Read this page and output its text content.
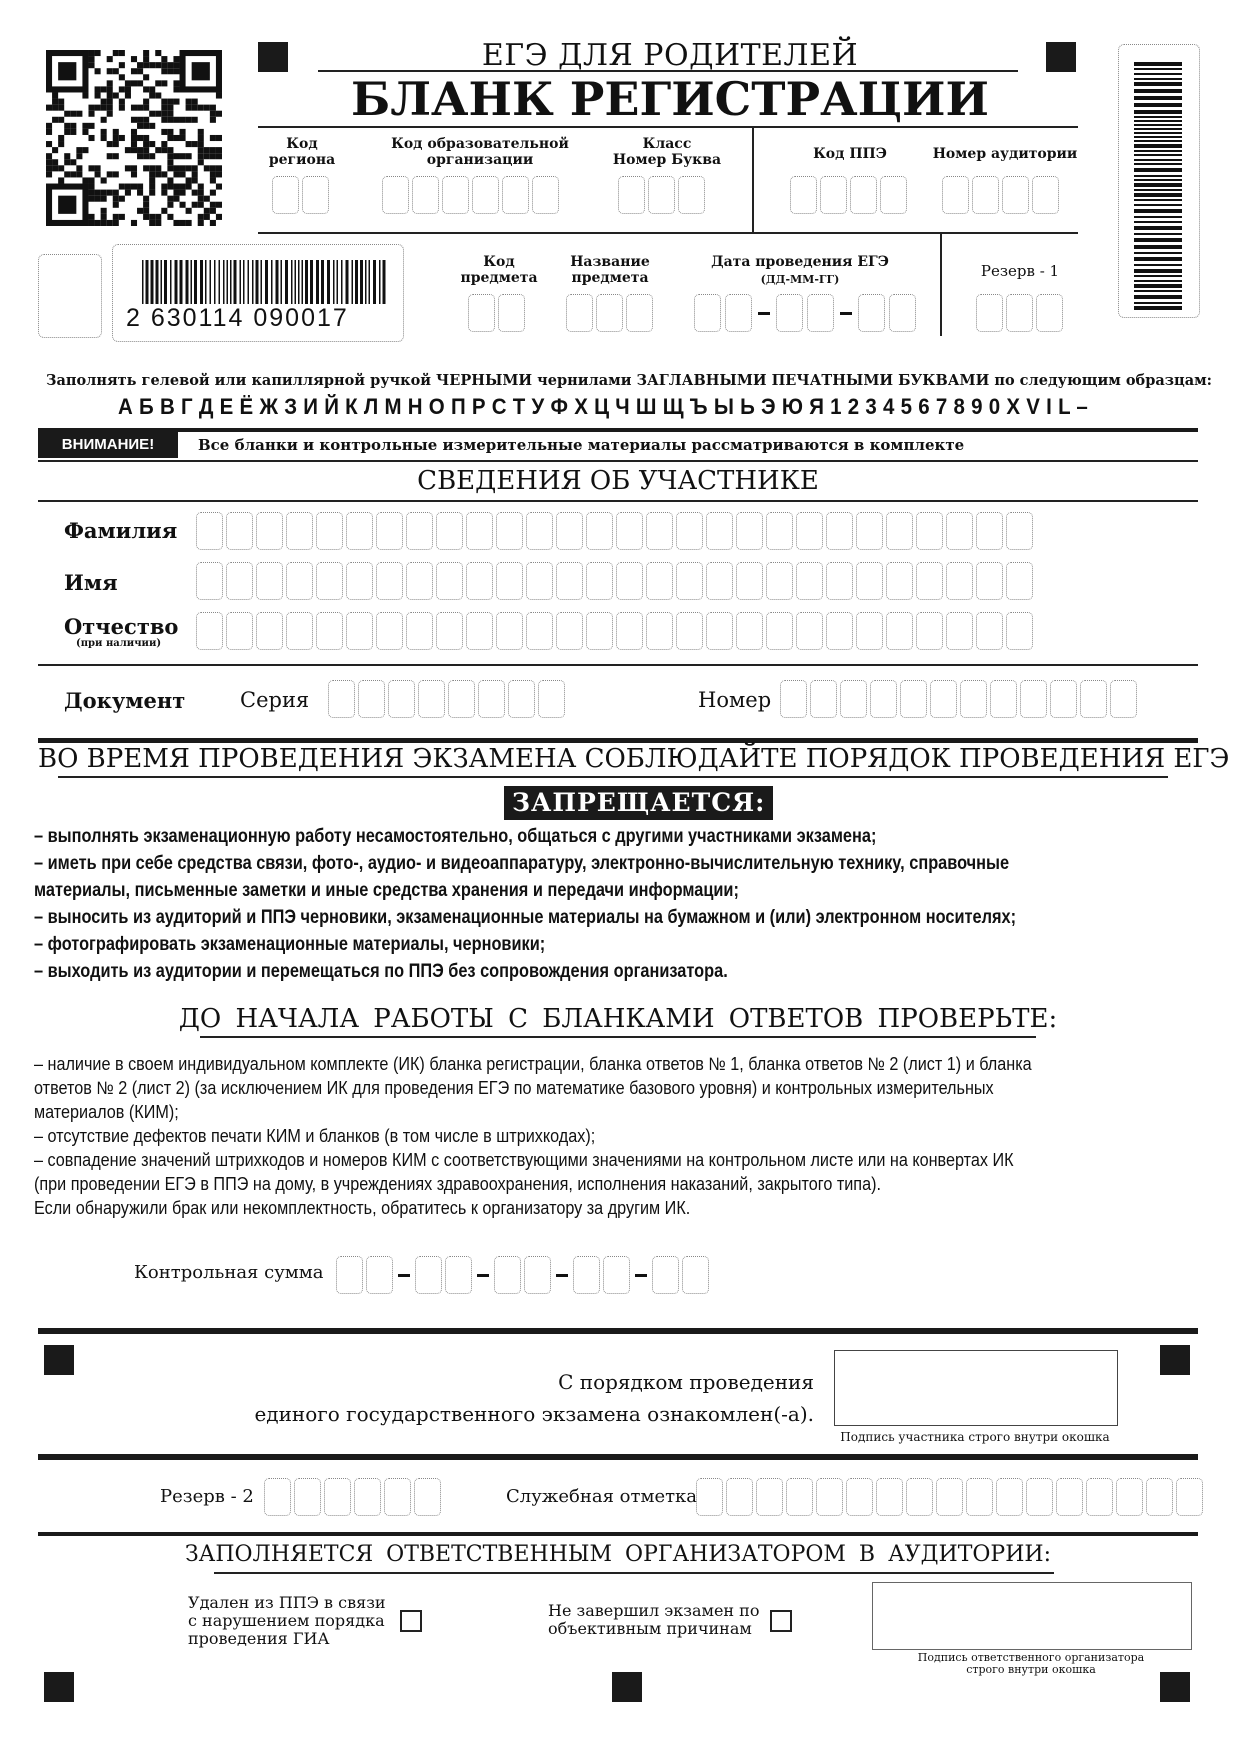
ЕГЭ ДЛЯ РОДИТЕЛЕЙ
БЛАНК РЕГИСТРАЦИИ
Код
региона
Код образовательной
организации
Класс
Номер Буква	Код ППЭ	Номер аудитории
2 630114 090017
Код
предмета
Название
предмета
Дата проведения ЕГЭ
(ДД-ММ-ГГ)	Резерв - 1
Заполнять гелевой или капиллярной ручкой ЧЕРНЫМИ чернилами ЗАГЛАВНЫМИ ПЕЧАТНЫМИ БУКВАМИ по следующим образцам:
А Б В Г Д Е Ё Ж З И Й К Л М Н О П Р С Т У Ф Х Ц Ч Ш Щ Ъ Ы Ь Э Ю Я 1 2 3 4 5 6 7 8 9 0 X V I L –
ВНИМАНИЕ!	Все бланки и контрольные измерительные материалы рассматриваются в комплекте
СВЕДЕНИЯ ОБ УЧАСТНИКЕ
Фамилия
Имя
Отчество
(при наличии)
Документ	Серия	Номер
ВО ВРЕМЯ ПРОВЕДЕНИЯ ЭКЗАМЕНА СОБЛЮДАЙТЕ ПОРЯДОК ПРОВЕДЕНИЯ ЕГЭ
ЗАПРЕЩАЕТСЯ:
– выполнять экзаменационную работу несамостоятельно, общаться с другими участниками экзамена;
– иметь при себе средства связи, фото-, аудио- и видеоаппаратуру, электронно-вычислительную технику, справочные
материалы, письменные заметки и иные средства хранения и передачи информации;
– выносить из аудиторий и ППЭ черновики, экзаменационные материалы на бумажном и (или) электронном носителях;
– фотографировать экзаменационные материалы, черновики;
– выходить из аудитории и перемещаться по ППЭ без сопровождения организатора.
ДО НАЧАЛА РАБОТЫ С БЛАНКАМИ ОТВЕТОВ ПРОВЕРЬТЕ:
– наличие в своем индивидуальном комплекте (ИК) бланка регистрации, бланка ответов № 1, бланка ответов № 2 (лист 1) и бланка
ответов № 2 (лист 2) (за исключением ИК для проведения ЕГЭ по математике базового уровня) и контрольных измерительных
материалов (КИМ);
– отсутствие дефектов печати КИМ и бланков (в том числе в штрихкодах);
– совпадение значений штрихкодов и номеров КИМ с соответствующими значениями на контрольном листе или на конвертах ИК
(при проведении ЕГЭ в ППЭ на дому, в учреждениях здравоохранения, исполнения наказаний, закрытого типа).
Если обнаружили брак или некомплектность, обратитесь к организатору за другим ИК.
Контрольная сумма
С порядком проведения
единого государственного экзамена ознакомлен(-а).
Подпись участника строго внутри окошка
Резерв - 2	Служебная отметка
ЗАПОЛНЯЕТСЯ ОТВЕТСТВЕННЫМ ОРГАНИЗАТОРОМ В АУДИТОРИИ:
Удален из ППЭ в связи
с нарушением порядка
проведения ГИА
Не завершил экзамен по
объективным причинам
Подпись ответственного организатора
строго внутри окошка
